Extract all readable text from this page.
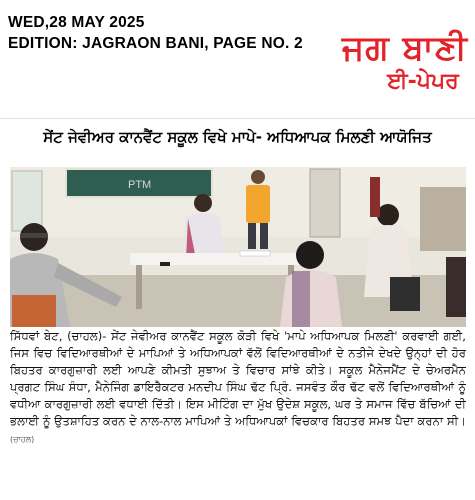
WED,28 MAY 2025
EDITION: JAGRAON BANI, PAGE NO. 2 ਜਗ ਬਾਣੀ
ਈ-ਪੇਪਰ
ਸੇਂਟ ਜੇਵੀਅਰ ਕਾਨਵੈਂਟ ਸਕੂਲ ਵਿਖੇ ਮਾਪੇ- ਅਧਿਆਪਕ ਮਿਲਣੀ ਆਯੋਜਿਤ
PTM
ਸਿੱਧਵਾਂ ਬੇਟ, (ਚਾਹਲ)- ਸੇਂਟ ਜੇਵੀਅਰ ਕਾਨਵੈਂਟ ਸਕੂਲ ਕੋੜੀ ਵਿਖੇ 'ਮਾਪੇ ਅਧਿਆਪਕ ਮਿਲਣੀ' ਕਰਵਾਈ ਗਈ, ਜਿਸ ਵਿਚ ਵਿਦਿਆਰਥੀਆਂ ਦੇ ਮਾਪਿਆਂ ਤੇ ਅਧਿਆਪਕਾਂ ਵੱਲੋਂ ਵਿਦਿਆਰਥੀਆਂ ਦੇ ਨਤੀਜੇ ਦੇਖਦੇ ਉਨ੍ਹਾਂ ਦੀ ਹੋਰ ਬਿਹਤਰ ਕਾਰਗੁਜ਼ਾਰੀ ਲਈ ਆਪਣੇ ਕੀਮਤੀ ਸੁਝਾਅ ਤੇ ਵਿਚਾਰ ਸਾਂਝੇ ਕੀਤੇ। ਸਕੂਲ ਮੈਨੇਜਮੈਂਟ ਦੇ ਚੇਅਰਮੈਨ ਪ੍ਰਗਟ ਸਿੰਘ ਸੰਧਾ, ਮੈਨੇਜਿੰਗ ਡਾਇਰੈਕਟਰ ਮਨਦੀਪ ਸਿੰਘ ਢੱਟ ਪ੍ਰਿੰ. ਜਸਵੰਤ ਕੌਰ ਢੱਟ ਵਲੋਂ ਵਿਦਿਆਰਥੀਆਂ ਨੂੰ ਵਧੀਆ ਕਾਰਗੁਜ਼ਾਰੀ ਲਈ ਵਧਾਈ ਦਿੱਤੀ। ਇਸ ਮੀਟਿੰਗ ਦਾ ਮੁੱਖ ਉਦੇਸ਼ ਸਕੂਲ, ਘਰ ਤੇ ਸਮਾਜ ਵਿੱਚ ਬੱਚਿਆਂ ਦੀ ਭਲਾਈ ਨੂੰ ਉਤਸ਼ਾਹਿਤ ਕਰਨ ਦੇ ਨਾਲ-ਨਾਲ ਮਾਪਿਆਂ ਤੇ ਅਧਿਆਪਕਾਂ ਵਿਚਕਾਰ ਬਿਹਤਰ ਸਮਝ ਪੈਦਾ ਕਰਨਾ ਸੀ। (ਚਾਹਲ)
